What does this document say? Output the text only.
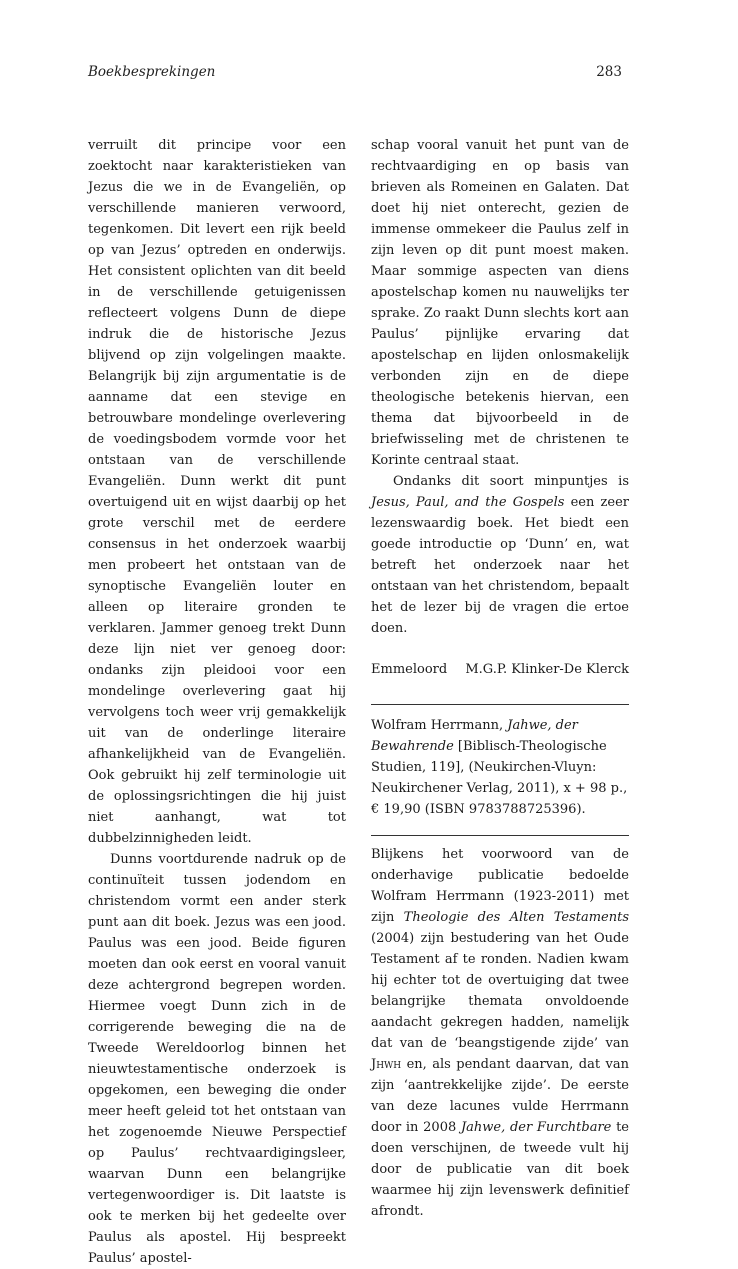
Boekbesprekingen	283

verruilt dit principe voor een zoektocht naar karakteristieken van Jezus die we in de Evangeliën, op verschillende manieren verwoord, tegenkomen. Dit levert een rijk beeld op van Jezus’ optreden en onderwijs. Het consistent oplichten van dit beeld in de verschillende getuigenissen reflecteert volgens Dunn de diepe indruk die de historische Jezus blijvend op zijn volgelingen maakte. Belangrijk bij zijn argumentatie is de aanname dat een stevige en betrouwbare mondelinge overlevering de voedingsbodem vormde voor het ontstaan van de verschillende Evangeliën. Dunn werkt dit punt overtuigend uit en wijst daarbij op het grote verschil met de eerdere consensus in het onderzoek waarbij men probeert het ontstaan van de synoptische Evangeliën louter en alleen op literaire gronden te verklaren. Jammer genoeg trekt Dunn deze lijn niet ver genoeg door: ondanks zijn pleidooi voor een mondelinge overlevering gaat hij vervolgens toch weer vrij gemakkelijk uit van de onderlinge literaire afhankelijkheid van de Evangeliën. Ook gebruikt hij zelf terminologie uit de oplossingsrichtingen die hij juist niet aanhangt, wat tot dubbelzinnigheden leidt.

Dunns voortdurende nadruk op de continuïteit tussen jodendom en christendom vormt een ander sterk punt aan dit boek. Jezus was een jood. Paulus was een jood. Beide figuren moeten dan ook eerst en vooral vanuit deze achtergrond begrepen worden. Hiermee voegt Dunn zich in de corrigerende beweging die na de Tweede Wereldoorlog binnen het nieuwtestamentische onderzoek is opgekomen, een beweging die onder meer heeft geleid tot het ontstaan van het zogenoemde Nieuwe Perspectief op Paulus’ rechtvaardigingsleer, waarvan Dunn een belangrijke vertegenwoordiger is. Dit laatste is ook te merken bij het gedeelte over Paulus als apostel. Hij bespreekt Paulus’ apostel-

schap vooral vanuit het punt van de rechtvaardiging en op basis van brieven als Romeinen en Galaten. Dat doet hij niet onterecht, gezien de immense ommekeer die Paulus zelf in zijn leven op dit punt moest maken. Maar sommige aspecten van diens apostelschap komen nu nauwelijks ter sprake. Zo raakt Dunn slechts kort aan Paulus’ pijnlijke ervaring dat apostelschap en lijden onlosmakelijk verbonden zijn en de diepe theologische betekenis hiervan, een thema dat bijvoorbeeld in de briefwisseling met de christenen te Korinte centraal staat.

Ondanks dit soort minpuntjes is Jesus, Paul, and the Gospels een zeer lezenswaardig boek. Het biedt een goede introductie op ‘Dunn’ en, wat betreft het onderzoek naar het ontstaan van het christendom, bepaalt het de lezer bij de vragen die ertoe doen.

Emmeloord M.G.P. Klinker-De Klerck

Wolfram Herrmann, Jahwe, der Bewahrende [Biblisch-Theologische Studien, 119], (Neukirchen-Vluyn: Neukirchener Verlag, 2011), x + 98 p., € 19,90 (ISBN 9783788725396).

Blijkens het voorwoord van de onderhavige publicatie bedoelde Wolfram Herrmann (1923-2011) met zijn Theologie des Alten Testaments (2004) zijn bestudering van het Oude Testament af te ronden. Nadien kwam hij echter tot de overtuiging dat twee belangrijke themata onvoldoende aandacht gekregen hadden, namelijk dat van de ‘beangstigende zijde’ van Jhwh en, als pendant daarvan, dat van zijn ‘aantrekkelijke zijde’. De eerste van deze lacunes vulde Herrmann door in 2008 Jahwe, der Furchtbare te doen verschijnen, de tweede vult hij door de publicatie van dit boek waarmee hij zijn levenswerk definitief afrondt.
